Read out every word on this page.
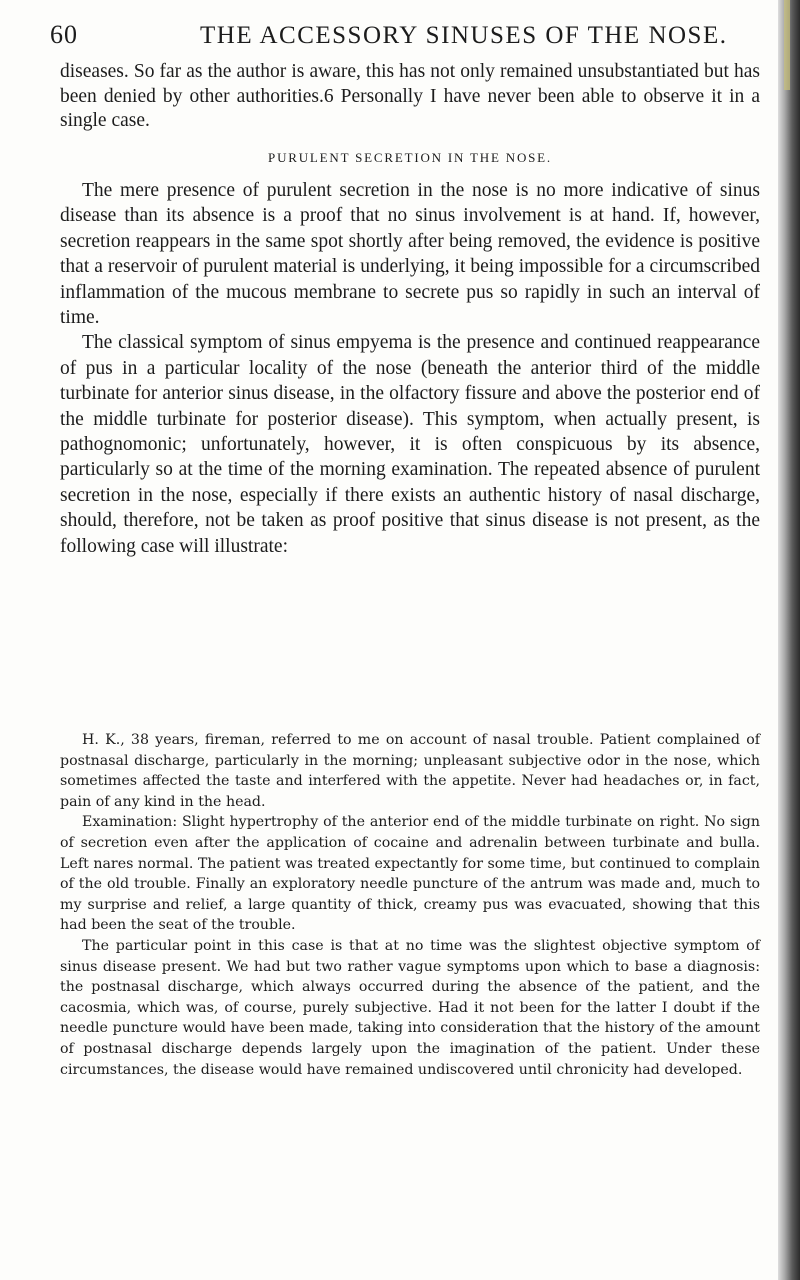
60	THE ACCESSORY SINUSES OF THE NOSE.

diseases. So far as the author is aware, this has not only remained unsubstantiated but has been denied by other authorities.6 Personally I have never been able to observe it in a single case.

PURULENT SECRETION IN THE NOSE.

The mere presence of purulent secretion in the nose is no more indicative of sinus disease than its absence is a proof that no sinus involvement is at hand. If, however, secretion reappears in the same spot shortly after being removed, the evidence is positive that a reservoir of purulent material is underlying, it being impossible for a circumscribed inflammation of the mucous membrane to secrete pus so rapidly in such an interval of time.

The classical symptom of sinus empyema is the presence and continued reappearance of pus in a particular locality of the nose (beneath the anterior third of the middle turbinate for anterior sinus disease, in the olfactory fissure and above the posterior end of the middle turbinate for posterior disease). This symptom, when actually present, is pathognomonic; unfortunately, however, it is often conspicuous by its absence, particularly so at the time of the morning examination. The repeated absence of purulent secretion in the nose, especially if there exists an authentic history of nasal discharge, should, therefore, not be taken as proof positive that sinus disease is not present, as the following case will illustrate:

H. K., 38 years, fireman, referred to me on account of nasal trouble. Patient complained of postnasal discharge, particularly in the morning; unpleasant subjective odor in the nose, which sometimes affected the taste and interfered with the appetite. Never had headaches or, in fact, pain of any kind in the head.

Examination: Slight hypertrophy of the anterior end of the middle turbinate on right. No sign of secretion even after the application of cocaine and adrenalin between turbinate and bulla. Left nares normal. The patient was treated expectantly for some time, but continued to complain of the old trouble. Finally an exploratory needle puncture of the antrum was made and, much to my surprise and relief, a large quantity of thick, creamy pus was evacuated, showing that this had been the seat of the trouble.

The particular point in this case is that at no time was the slightest objective symptom of sinus disease present. We had but two rather vague symptoms upon which to base a diagnosis: the postnasal discharge, which always occurred during the absence of the patient, and the cacosmia, which was, of course, purely subjective. Had it not been for the latter I doubt if the needle puncture would have been made, taking into consideration that the history of the amount of postnasal discharge depends largely upon the imagination of the patient. Under these circumstances, the disease would have remained undiscovered until chronicity had developed.
